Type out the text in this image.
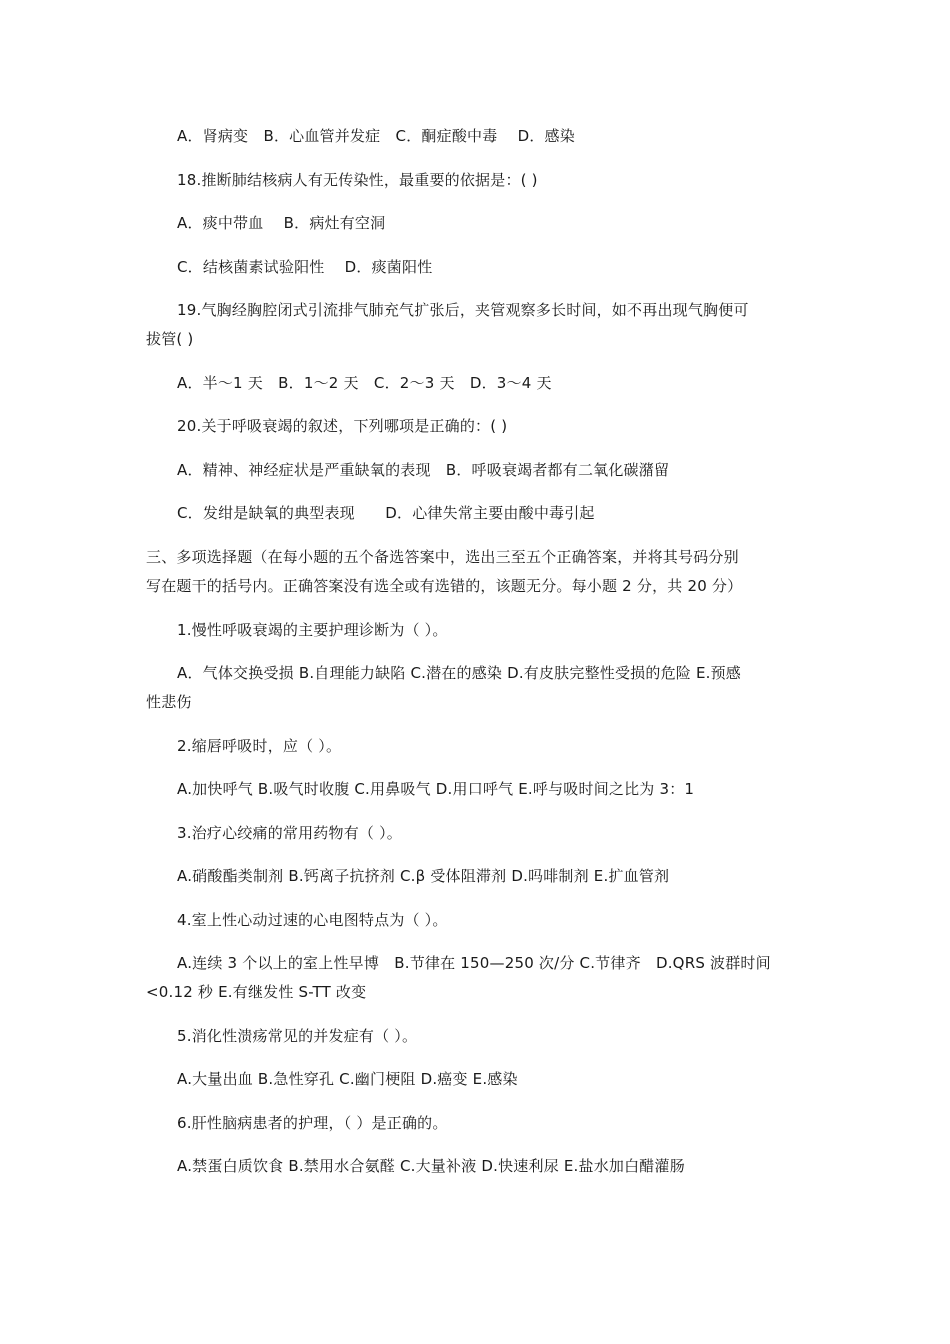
A．肾病变　B．心血管并发症　C．酮症酸中毒　 D．感染
18.推断肺结核病人有无传染性，最重要的依据是：( )
A．痰中带血　 B．病灶有空洞
C．结核菌素试验阳性　 D．痰菌阳性
19.气胸经胸腔闭式引流排气肺充气扩张后，夹管观察多长时间，如不再出现气胸便可
拔管( )
A．半～1 天　B．1～2 天　C．2～3 天　D．3～4 天
20.关于呼吸衰竭的叙述，下列哪项是正确的：( )
A．精神、神经症状是严重缺氧的表现　B．呼吸衰竭者都有二氧化碳潴留
C．发绀是缺氧的典型表现　　D．心律失常主要由酸中毒引起
三、多项选择题（在每小题的五个备选答案中，选出三至五个正确答案，并将其号码分别
写在题干的括号内。正确答案没有选全或有选错的，该题无分。每小题 2 分，共 20 分）
1.慢性呼吸衰竭的主要护理诊断为（ ）。
A．气体交换受损 B.自理能力缺陷 C.潜在的感染 D.有皮肤完整性受损的危险 E.预感
性悲伤
2.缩唇呼吸时，应（ ）。
A.加快呼气 B.吸气时收腹 C.用鼻吸气 D.用口呼气 E.呼与吸时间之比为 3：1
3.治疗心绞痛的常用药物有（ ）。
A.硝酸酯类制剂 B.钙离子抗挤剂 C.β 受体阻滞剂 D.吗啡制剂 E.扩血管剂
4.室上性心动过速的心电图特点为（ ）。
A.连续 3 个以上的室上性早博　B.节律在 150—250 次/分 C.节律齐　D.QRS 波群时间
<0.12 秒 E.有继发性 S-TT 改变
5.消化性溃疡常见的并发症有（ ）。
A.大量出血 B.急性穿孔 C.幽门梗阻 D.癌变 E.感染
6.肝性脑病患者的护理，（ ）是正确的。
A.禁蛋白质饮食 B.禁用水合氨醛 C.大量补液 D.快速利尿 E.盐水加白醋灌肠
